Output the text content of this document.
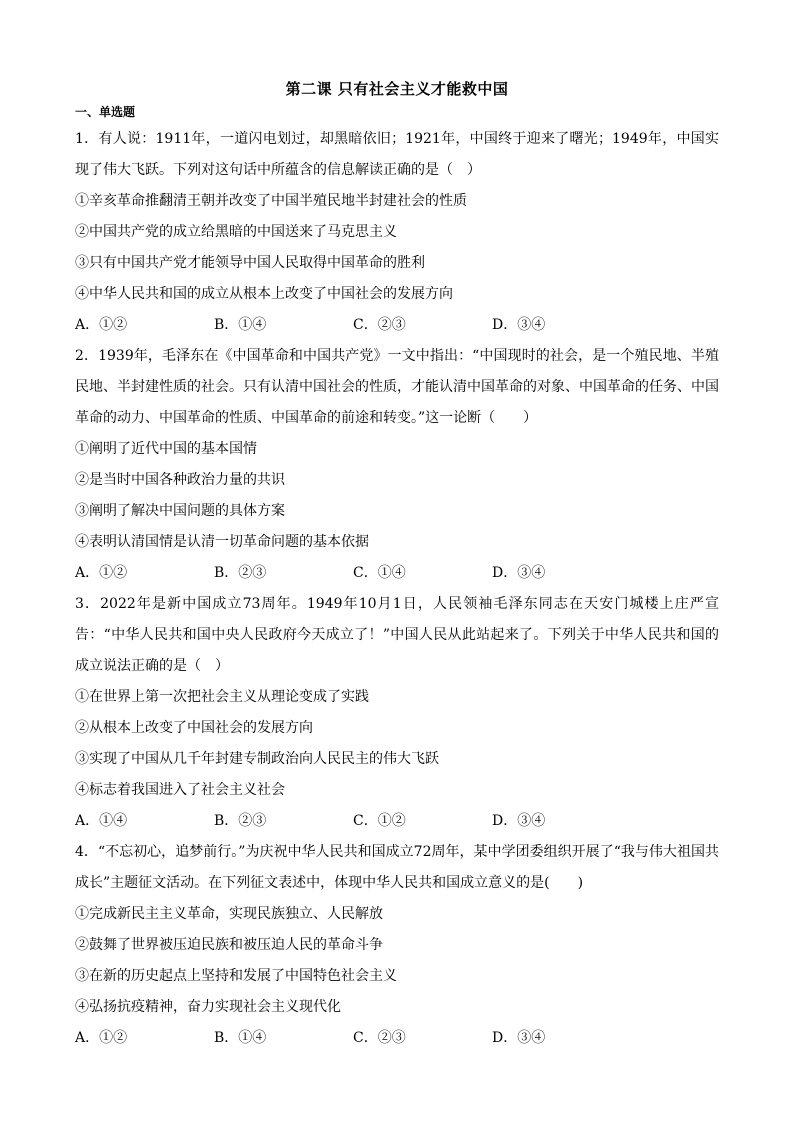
第二课 只有社会主义才能救中国
一、单选题

1．有人说：1911年，一道闪电划过，却黑暗依旧；1921年，中国终于迎来了曙光；1949年，中国实现了伟大飞跃。下列对这句话中所蕴含的信息解读正确的是（　）

①辛亥革命推翻清王朝并改变了中国半殖民地半封建社会的性质

②中国共产党的成立给黑暗的中国送来了马克思主义

③只有中国共产党才能领导中国人民取得中国革命的胜利

④中华人民共和国的成立从根本上改变了中国社会的发展方向

A．①②	B．①④	C．②③	D．③④

2．1939年，毛泽东在《中国革命和中国共产党》一文中指出：“中国现时的社会，是一个殖民地、半殖民地、半封建性质的社会。只有认清中国社会的性质，才能认清中国革命的对象、中国革命的任务、中国革命的动力、中国革命的性质、中国革命的前途和转变。”这一论断（　　）

①阐明了近代中国的基本国情

②是当时中国各种政治力量的共识

③阐明了解决中国问题的具体方案

④表明认清国情是认清一切革命问题的基本依据

A．①②	B．②③	C．①④	D．③④

3．2022年是新中国成立73周年。1949年10月1日，人民领袖毛泽东同志在天安门城楼上庄严宣告：“中华人民共和国中央人民政府今天成立了！”中国人民从此站起来了。下列关于中华人民共和国的成立说法正确的是（　）

①在世界上第一次把社会主义从理论变成了实践

②从根本上改变了中国社会的发展方向

③实现了中国从几千年封建专制政治向人民民主的伟大飞跃

④标志着我国进入了社会主义社会

A．①④	B．②③	C．①②	D．③④

4．“不忘初心，追梦前行。”为庆祝中华人民共和国成立72周年，某中学团委组织开展了“我与伟大祖国共成长”主题征文活动。在下列征文表述中，体现中华人民共和国成立意义的是(　　)

①完成新民主主义革命，实现民族独立、人民解放

②鼓舞了世界被压迫民族和被压迫人民的革命斗争

③在新的历史起点上坚持和发展了中国特色社会主义

④弘扬抗疫精神，奋力实现社会主义现代化

A．①②	B．①④	C．②③	D．③④
